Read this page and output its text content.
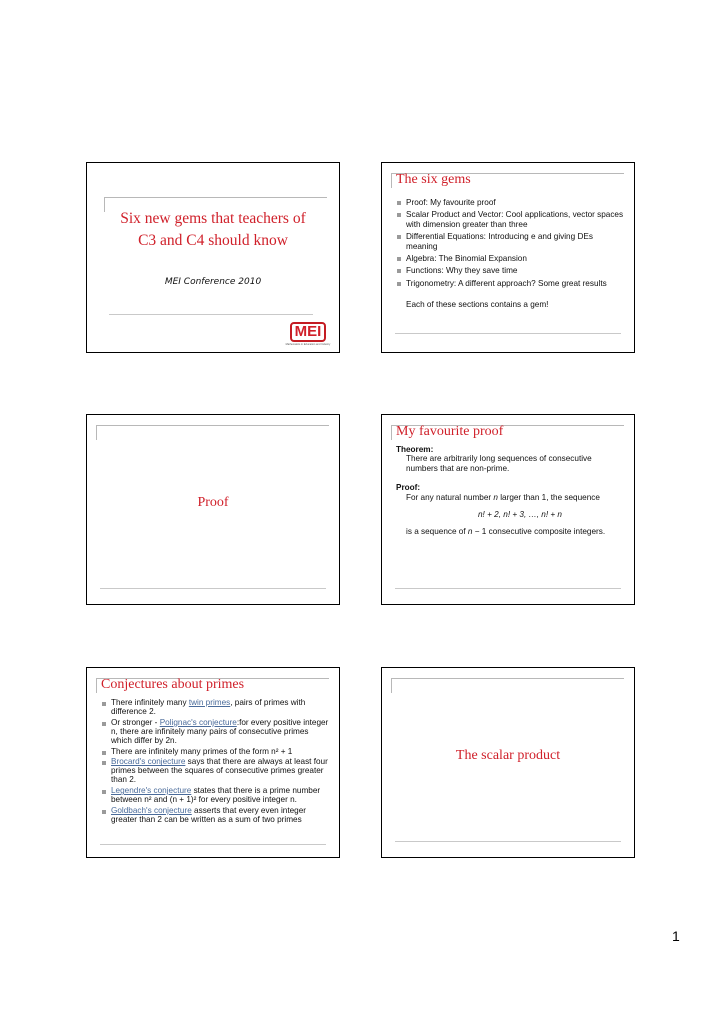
Six new gems that teachers of
C3 and C4 should know
MEI Conference 2010
MEI
Mathematics in Education and Industry
The six gems
Proof: My favourite proof
Scalar Product and Vector: Cool applications, vector spaces with dimension greater than three
Differential Equations: Introducing e and giving DEs meaning
Algebra: The Binomial Expansion
Functions: Why they save time
Trigonometry: A different approach? Some great results
Each of these sections contains a gem!
Proof
My favourite proof
Theorem:
There are arbitrarily long sequences of consecutive numbers that are non-prime.
Proof:
For any natural number n larger than 1, the sequence
n! + 2, n! + 3, …, n! + n
is a sequence of n − 1 consecutive composite integers.
Conjectures about primes
There infinitely many twin primes, pairs of primes with difference 2.
Or stronger - Polignac's conjecture:for every positive integer n, there are infinitely many pairs of consecutive primes which differ by 2n.
There are infinitely many primes of the form n² + 1
Brocard's conjecture says that there are always at least four primes between the squares of consecutive primes greater than 2.
Legendre's conjecture states that there is a prime number between n² and (n + 1)² for every positive integer n.
Goldbach's conjecture asserts that every even integer greater than 2 can be written as a sum of two primes
The scalar product
1
